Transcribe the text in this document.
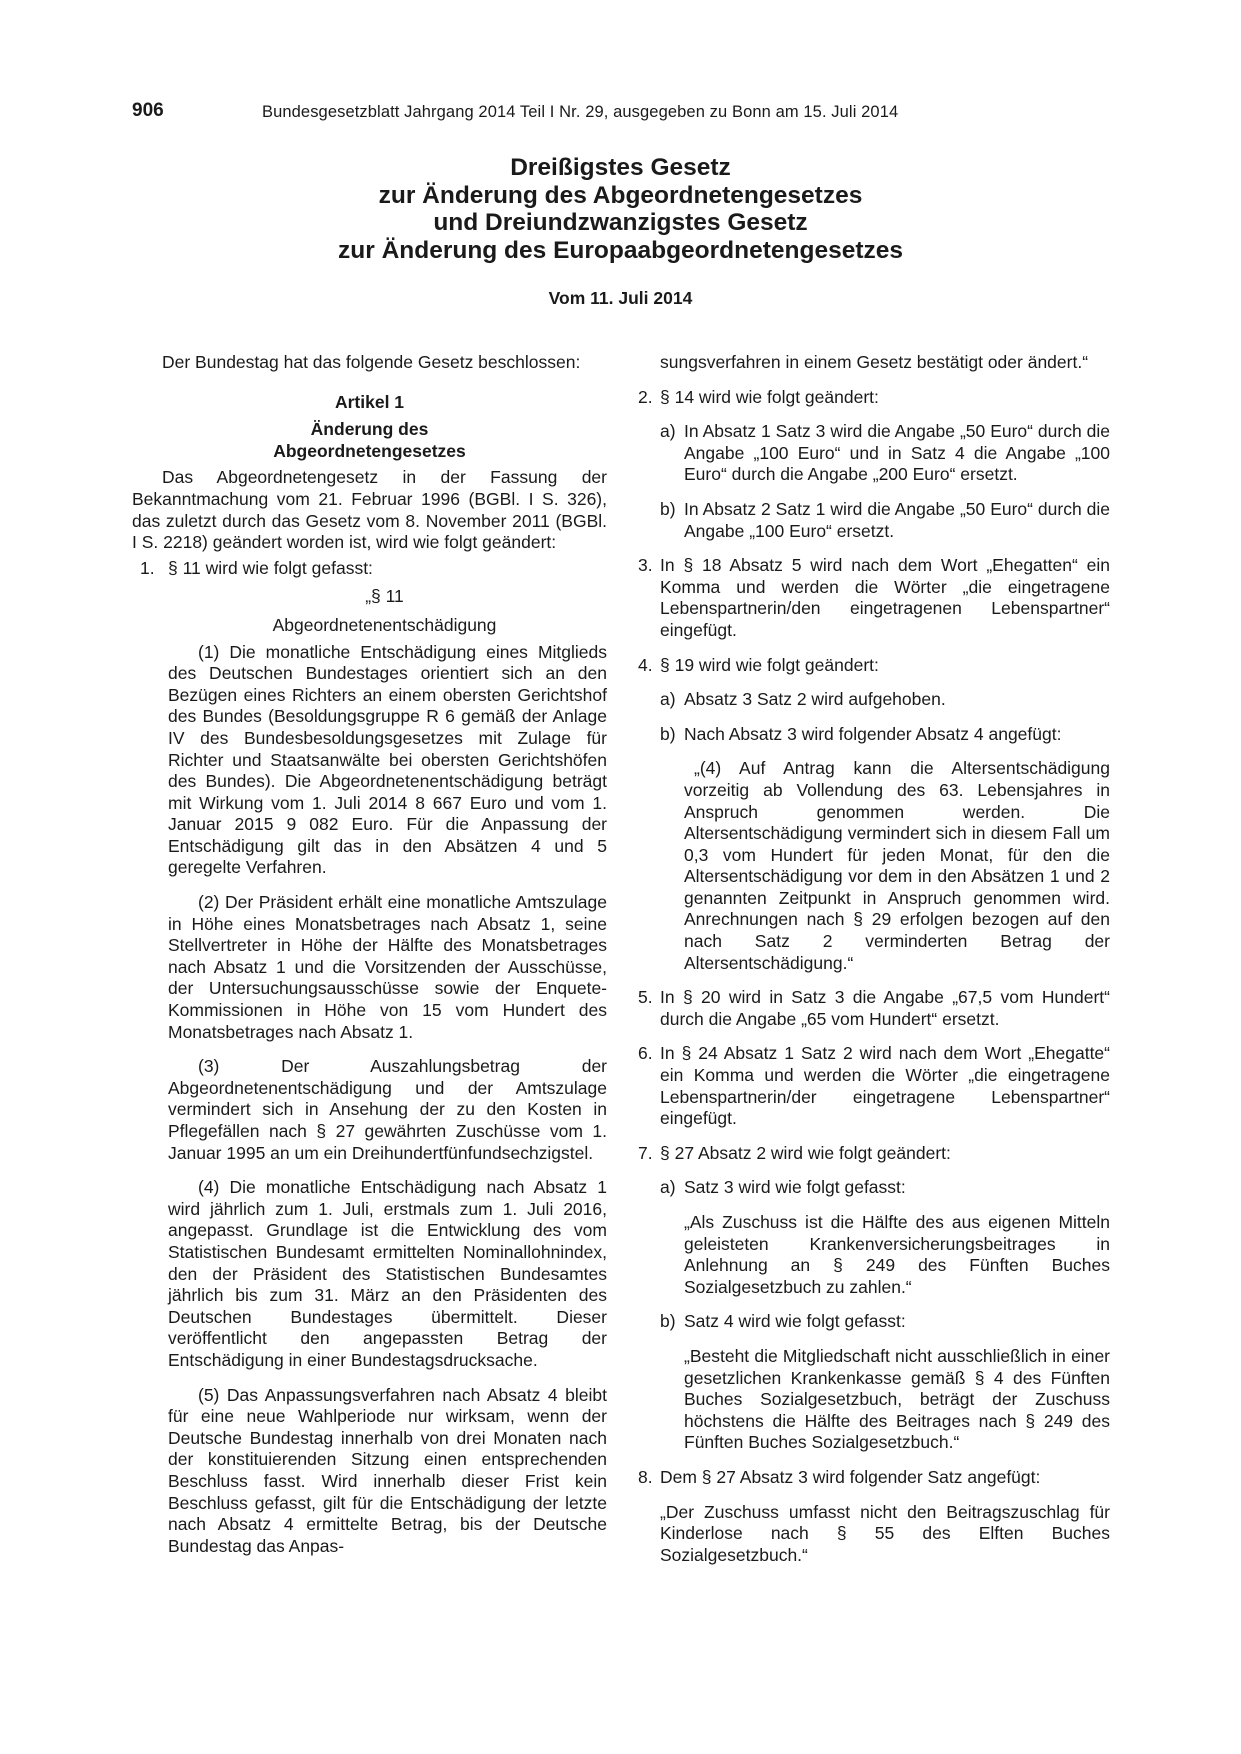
906	Bundesgesetzblatt Jahrgang 2014 Teil I Nr. 29, ausgegeben zu Bonn am 15. Juli 2014
Dreißigstes Gesetz
zur Änderung des Abgeordnetengesetzes
und Dreiundzwanzigstes Gesetz
zur Änderung des Europaabgeordnetengesetzes
Vom 11. Juli 2014

Der Bundestag hat das folgende Gesetz beschlossen:

Artikel 1

Änderung des

Abgeordnetengesetzes

Das Abgeordnetengesetz in der Fassung der Bekanntmachung vom 21. Februar 1996 (BGBl. I S. 326), das zuletzt durch das Gesetz vom 8. November 2011 (BGBl. I S. 2218) geändert worden ist, wird wie folgt geändert:

1. § 11 wird wie folgt gefasst:

„§ 11

Abgeordnetenentschädigung

(1) Die monatliche Entschädigung eines Mitglieds des Deutschen Bundestages orientiert sich an den Bezügen eines Richters an einem obersten Gerichtshof des Bundes (Besoldungsgruppe R 6 gemäß der Anlage IV des Bundesbesoldungsgesetzes mit Zulage für Richter und Staatsanwälte bei obersten Gerichtshöfen des Bundes). Die Abgeordnetenentschädigung beträgt mit Wirkung vom 1. Juli 2014 8 667 Euro und vom 1. Januar 2015 9 082 Euro. Für die Anpassung der Entschädigung gilt das in den Absätzen 4 und 5 geregelte Verfahren.

(2) Der Präsident erhält eine monatliche Amtszulage in Höhe eines Monatsbetrages nach Absatz 1, seine Stellvertreter in Höhe der Hälfte des Monatsbetrages nach Absatz 1 und die Vorsitzenden der Ausschüsse, der Untersuchungsausschüsse sowie der Enquete-Kommissionen in Höhe von 15 vom Hundert des Monatsbetrages nach Absatz 1.

(3) Der Auszahlungsbetrag der Abgeordnetenentschädigung und der Amtszulage vermindert sich in Ansehung der zu den Kosten in Pflegefällen nach § 27 gewährten Zuschüsse vom 1. Januar 1995 an um ein Dreihundertfünfundsechzigstel.

(4) Die monatliche Entschädigung nach Absatz 1 wird jährlich zum 1. Juli, erstmals zum 1. Juli 2016, angepasst. Grundlage ist die Entwicklung des vom Statistischen Bundesamt ermittelten Nominallohnindex, den der Präsident des Statistischen Bundesamtes jährlich bis zum 31. März an den Präsidenten des Deutschen Bundestages übermittelt. Dieser veröffentlicht den angepassten Betrag der Entschädigung in einer Bundestagsdrucksache.

(5) Das Anpassungsverfahren nach Absatz 4 bleibt für eine neue Wahlperiode nur wirksam, wenn der Deutsche Bundestag innerhalb von drei Monaten nach der konstituierenden Sitzung einen entsprechenden Beschluss fasst. Wird innerhalb dieser Frist kein Beschluss gefasst, gilt für die Entschädigung der letzte nach Absatz 4 ermittelte Betrag, bis der Deutsche Bundestag das Anpas-

sungsverfahren in einem Gesetz bestätigt oder ändert.“

2. § 14 wird wie folgt geändert:
a) In Absatz 1 Satz 3 wird die Angabe „50 Euro“ durch die Angabe „100 Euro“ und in Satz 4 die Angabe „100 Euro“ durch die Angabe „200 Euro“ ersetzt.
b) In Absatz 2 Satz 1 wird die Angabe „50 Euro“ durch die Angabe „100 Euro“ ersetzt.
3. In § 18 Absatz 5 wird nach dem Wort „Ehegatten“ ein Komma und werden die Wörter „die eingetragene Lebenspartnerin/den eingetragenen Lebenspartner“ eingefügt.
4. § 19 wird wie folgt geändert:
a) Absatz 3 Satz 2 wird aufgehoben.
b) Nach Absatz 3 wird folgender Absatz 4 angefügt:

„(4) Auf Antrag kann die Altersentschädigung vorzeitig ab Vollendung des 63. Lebensjahres in Anspruch genommen werden. Die Altersentschädigung vermindert sich in diesem Fall um 0,3 vom Hundert für jeden Monat, für den die Altersentschädigung vor dem in den Absätzen 1 und 2 genannten Zeitpunkt in Anspruch genommen wird. Anrechnungen nach § 29 erfolgen bezogen auf den nach Satz 2 verminderten Betrag der Altersentschädigung.“

5. In § 20 wird in Satz 3 die Angabe „67,5 vom Hundert“ durch die Angabe „65 vom Hundert“ ersetzt.
6. In § 24 Absatz 1 Satz 2 wird nach dem Wort „Ehegatte“ ein Komma und werden die Wörter „die eingetragene Lebenspartnerin/der eingetragene Lebenspartner“ eingefügt.
7. § 27 Absatz 2 wird wie folgt geändert:
a) Satz 3 wird wie folgt gefasst:

„Als Zuschuss ist die Hälfte des aus eigenen Mitteln geleisteten Krankenversicherungsbeitrages in Anlehnung an § 249 des Fünften Buches Sozialgesetzbuch zu zahlen.“

b) Satz 4 wird wie folgt gefasst:

„Besteht die Mitgliedschaft nicht ausschließlich in einer gesetzlichen Krankenkasse gemäß § 4 des Fünften Buches Sozialgesetzbuch, beträgt der Zuschuss höchstens die Hälfte des Beitrages nach § 249 des Fünften Buches Sozialgesetzbuch.“

8. Dem § 27 Absatz 3 wird folgender Satz angefügt:

„Der Zuschuss umfasst nicht den Beitragszuschlag für Kinderlose nach § 55 des Elften Buches Sozialgesetzbuch.“
